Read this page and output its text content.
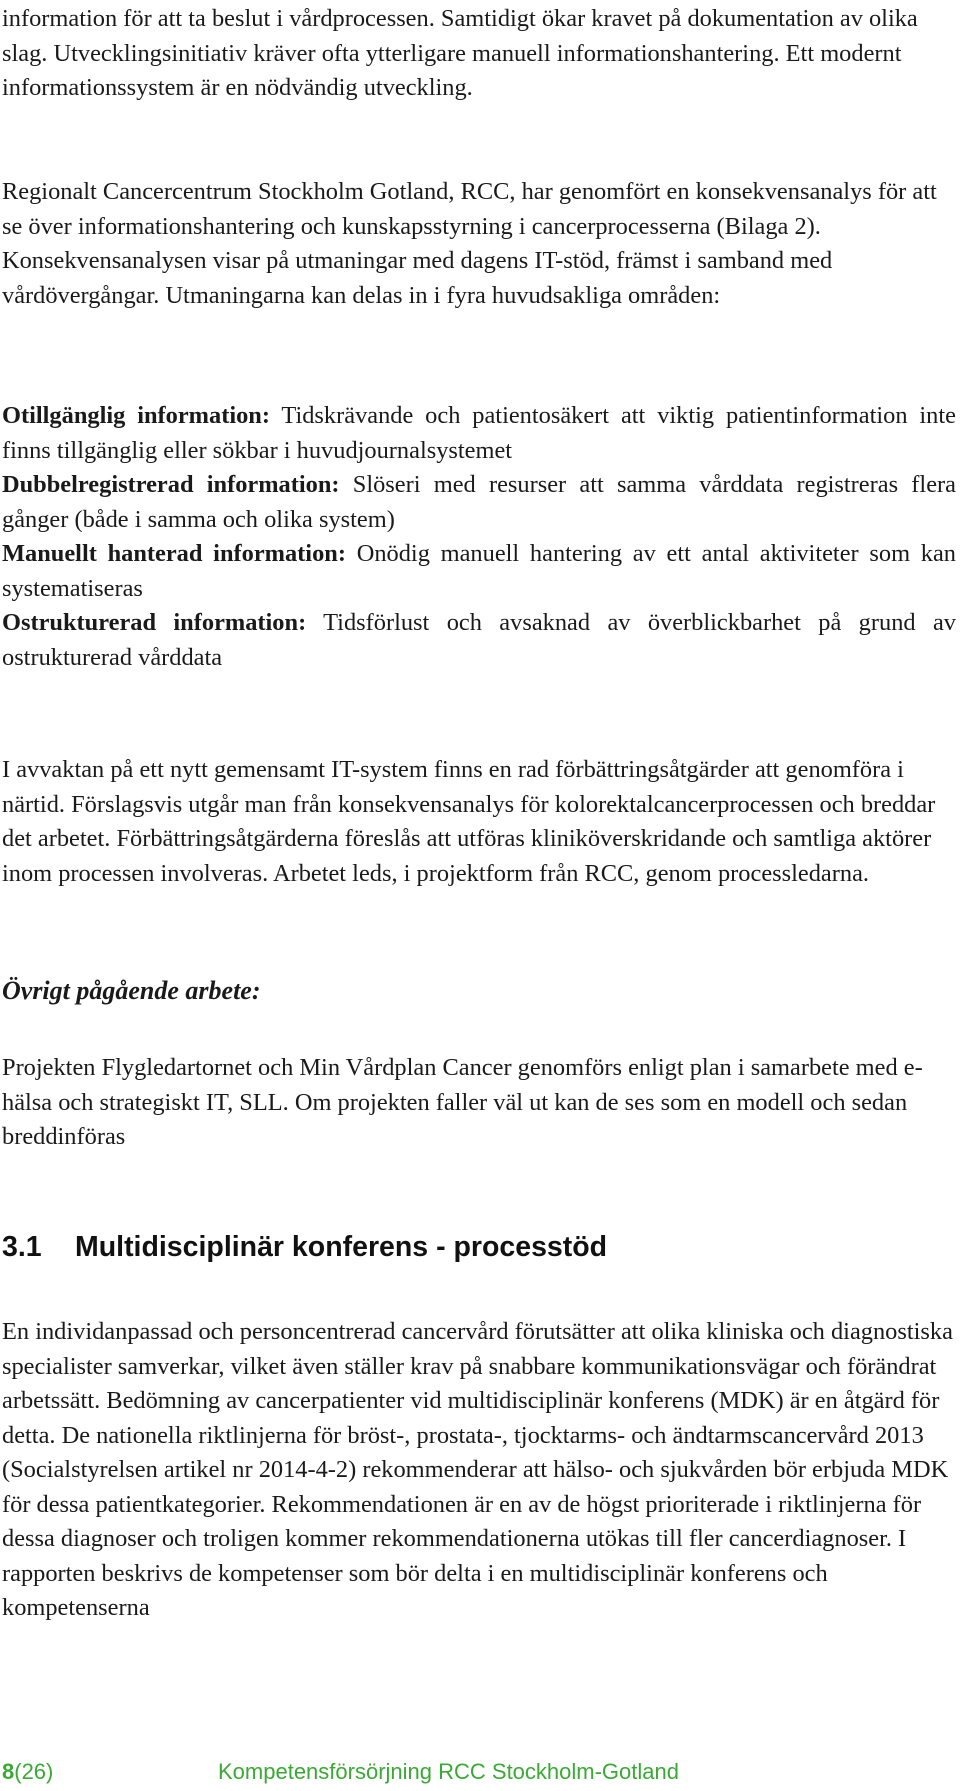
information för att ta beslut i vårdprocessen. Samtidigt ökar kravet på dokumentation av olika slag. Utvecklingsinitiativ kräver ofta ytterligare manuell informationshantering. Ett modernt informationssystem är en nödvändig utveckling.

Regionalt Cancercentrum Stockholm Gotland, RCC, har genomfört en konsekvensanalys för att se över informationshantering och kunskapsstyrning i cancerprocesserna (Bilaga 2). Konsekvensanalysen visar på utmaningar med dagens IT-stöd, främst i samband med vårdövergångar. Utmaningarna kan delas in i fyra huvudsakliga områden:

Otillgänglig information: Tidskrävande och patientosäkert att viktig patientinformation inte finns tillgänglig eller sökbar i huvudjournalsystemet

Dubbelregistrerad information: Slöseri med resurser att samma vårddata registreras flera gånger (både i samma och olika system)

Manuellt hanterad information: Onödig manuell hantering av ett antal aktiviteter som kan systematiseras

Ostrukturerad information: Tidsförlust och avsaknad av överblickbarhet på grund av ostrukturerad vårddata

I avvaktan på ett nytt gemensamt IT-system finns en rad förbättringsåtgärder att genomföra i närtid. Förslagsvis utgår man från konsekvensanalys för kolorektalcancerprocessen och breddar det arbetet. Förbättringsåtgärderna föreslås att utföras kliniköverskridande och samtliga aktörer inom processen involveras. Arbetet leds, i projektform från RCC, genom processledarna.

Övrigt pågående arbete:

Projekten Flygledartornet och Min Vårdplan Cancer genomförs enligt plan i samarbete med e-hälsa och strategiskt IT, SLL. Om projekten faller väl ut kan de ses som en modell och sedan breddinföras

3.1 Multidisciplinär konferens - processtöd

En individanpassad och personcentrerad cancervård förutsätter att olika kliniska och diagnostiska specialister samverkar, vilket även ställer krav på snabbare kommunikationsvägar och förändrat arbetssätt. Bedömning av cancerpatienter vid multidisciplinär konferens (MDK) är en åtgärd för detta. De nationella riktlinjerna för bröst-, prostata-, tjocktarms- och ändtarmscancervård 2013 (Socialstyrelsen artikel nr 2014-4-2) rekommenderar att hälso- och sjukvården bör erbjuda MDK för dessa patientkategorier. Rekommendationen är en av de högst prioriterade i riktlinjerna för dessa diagnoser och troligen kommer rekommendationerna utökas till fler cancerdiagnoser. I rapporten beskrivs de kompetenser som bör delta i en multidisciplinär konferens och kompetenserna

8(26)	Kompetensförsörjning RCC Stockholm-Gotland
